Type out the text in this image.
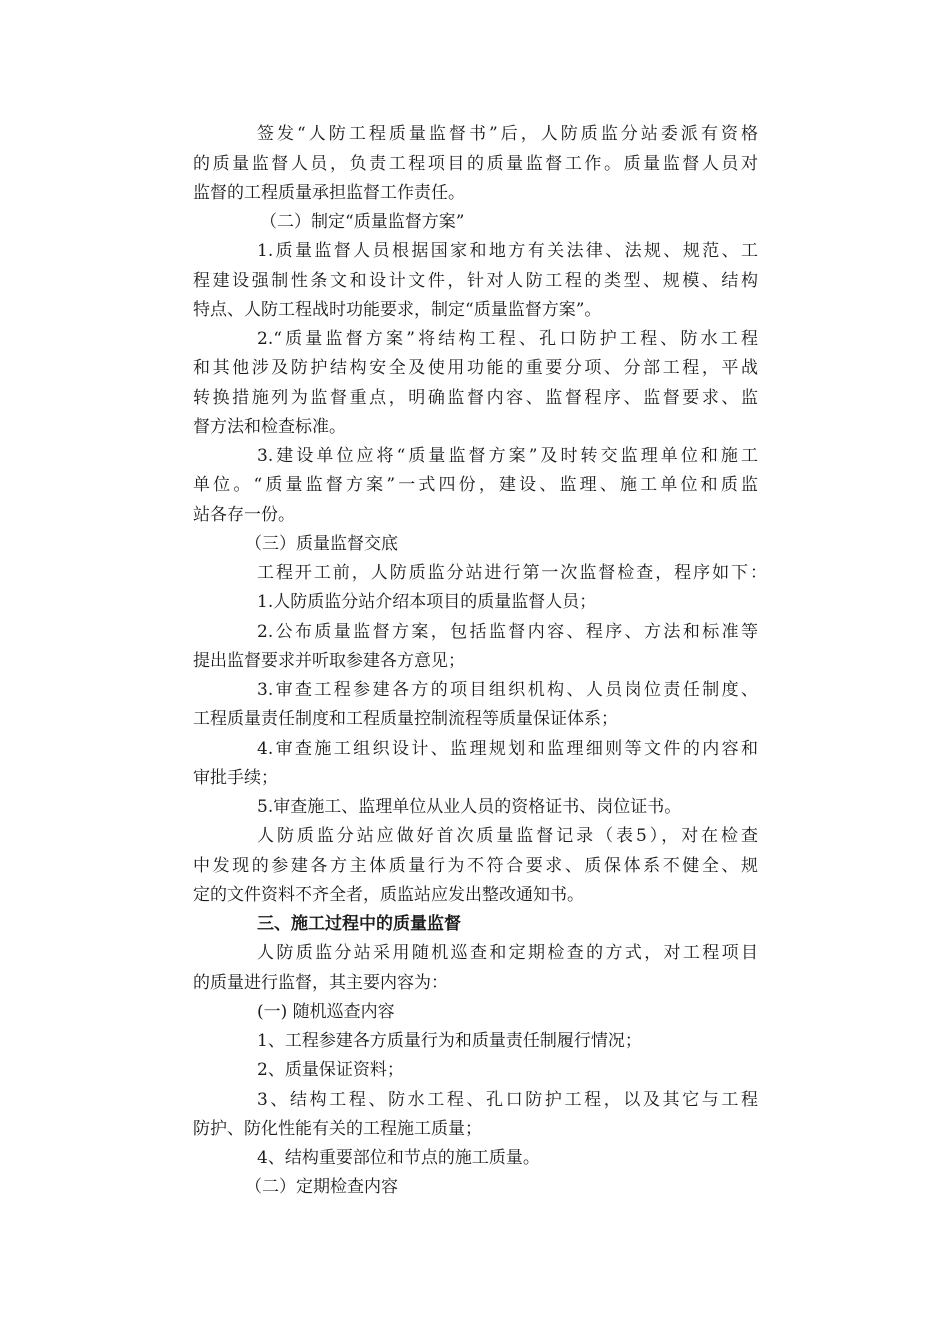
签发“人防工程质量监督书”后，人防质监分站委派有资格
的质量监督人员，负责工程项目的质量监督工作。质量监督人员对
监督的工程质量承担监督工作责任。
（二）制定“质量监督方案”
1.质量监督人员根据国家和地方有关法律、法规、规范、工
程建设强制性条文和设计文件，针对人防工程的类型、规模、结构
特点、人防工程战时功能要求，制定“质量监督方案”。
2.“质量监督方案”将结构工程、孔口防护工程、防水工程
和其他涉及防护结构安全及使用功能的重要分项、分部工程，平战
转换措施列为监督重点，明确监督内容、监督程序、监督要求、监
督方法和检查标准。
3.建设单位应将“质量监督方案”及时转交监理单位和施工
单位。“质量监督方案”一式四份，建设、监理、施工单位和质监
站各存一份。
（三）质量监督交底
工程开工前，人防质监分站进行第一次监督检查，程序如下：
1.人防质监分站介绍本项目的质量监督人员；
2.公布质量监督方案，包括监督内容、程序、方法和标准等
提出监督要求并听取参建各方意见；
3.审查工程参建各方的项目组织机构、人员岗位责任制度、
工程质量责任制度和工程质量控制流程等质量保证体系；
4.审查施工组织设计、监理规划和监理细则等文件的内容和
审批手续；
5.审查施工、监理单位从业人员的资格证书、岗位证书。
人防质监分站应做好首次质量监督记录（表5），对在检查
中发现的参建各方主体质量行为不符合要求、质保体系不健全、规
定的文件资料不齐全者，质监站应发出整改通知书。
三、施工过程中的质量监督
人防质监分站采用随机巡查和定期检查的方式，对工程项目
的质量进行监督，其主要内容为：
(一) 随机巡查内容
1、工程参建各方质量行为和质量责任制履行情况；
2、质量保证资料；
3、结构工程、防水工程、孔口防护工程，以及其它与工程
防护、防化性能有关的工程施工质量；
4、结构重要部位和节点的施工质量。
（二）定期检查内容
